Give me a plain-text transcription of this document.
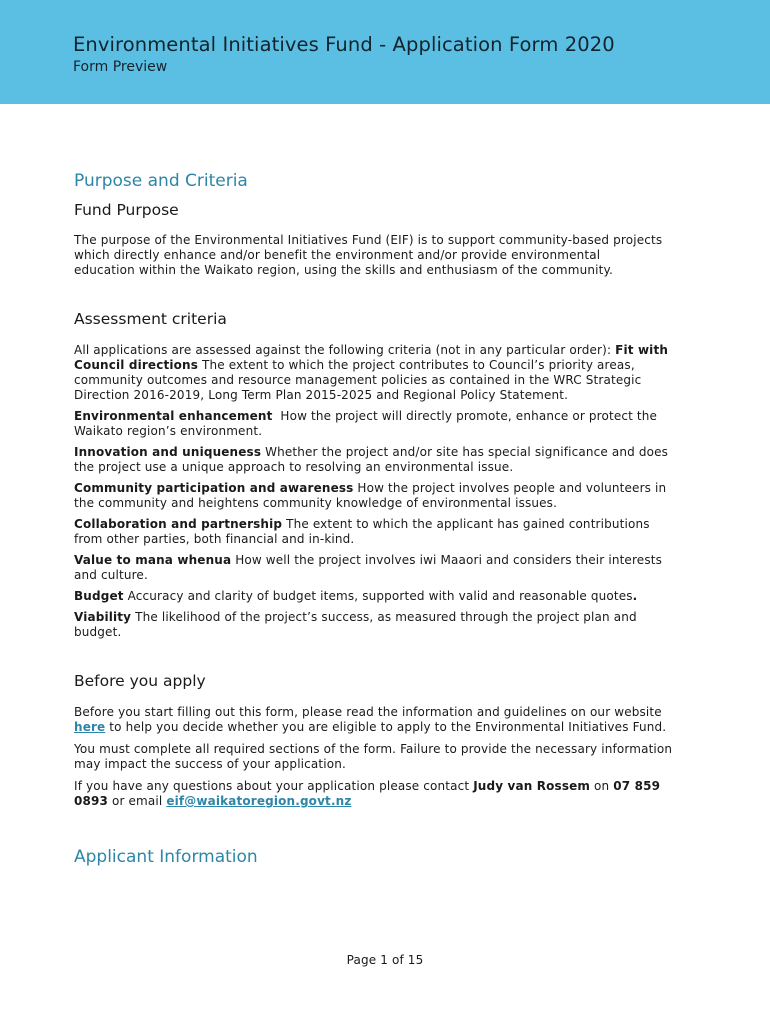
Environmental Initiatives Fund - Application Form 2020
Form Preview
Purpose and Criteria
Fund Purpose

The purpose of the Environmental Initiatives Fund (EIF) is to support community-based projects which directly enhance and/or benefit the environment and/or provide environmental education within the Waikato region, using the skills and enthusiasm of the community.

Assessment criteria

All applications are assessed against the following criteria (not in any particular order): Fit with Council directions The extent to which the project contributes to Council’s priority areas, community outcomes and resource management policies as contained in the WRC Strategic Direction 2016-2019, Long Term Plan 2015-2025 and Regional Policy Statement.

Environmental enhancement  How the project will directly promote, enhance or protect the Waikato region’s environment.

Innovation and uniqueness Whether the project and/or site has special significance and does the project use a unique approach to resolving an environmental issue.

Community participation and awareness How the project involves people and volunteers in the community and heightens community knowledge of environmental issues.

Collaboration and partnership The extent to which the applicant has gained contributions from other parties, both financial and in-kind.

Value to mana whenua How well the project involves iwi Maaori and considers their interests and culture.

Budget Accuracy and clarity of budget items, supported with valid and reasonable quotes.

Viability The likelihood of the project’s success, as measured through the project plan and budget.

Before you apply

Before you start filling out this form, please read the information and guidelines on our website here to help you decide whether you are eligible to apply to the Environmental Initiatives Fund.

You must complete all required sections of the form. Failure to provide the necessary information may impact the success of your application.

If you have any questions about your application please contact Judy van Rossem on 07 859 0893 or email eif@waikatoregion.govt.nz

Applicant Information
Page 1 of 15
